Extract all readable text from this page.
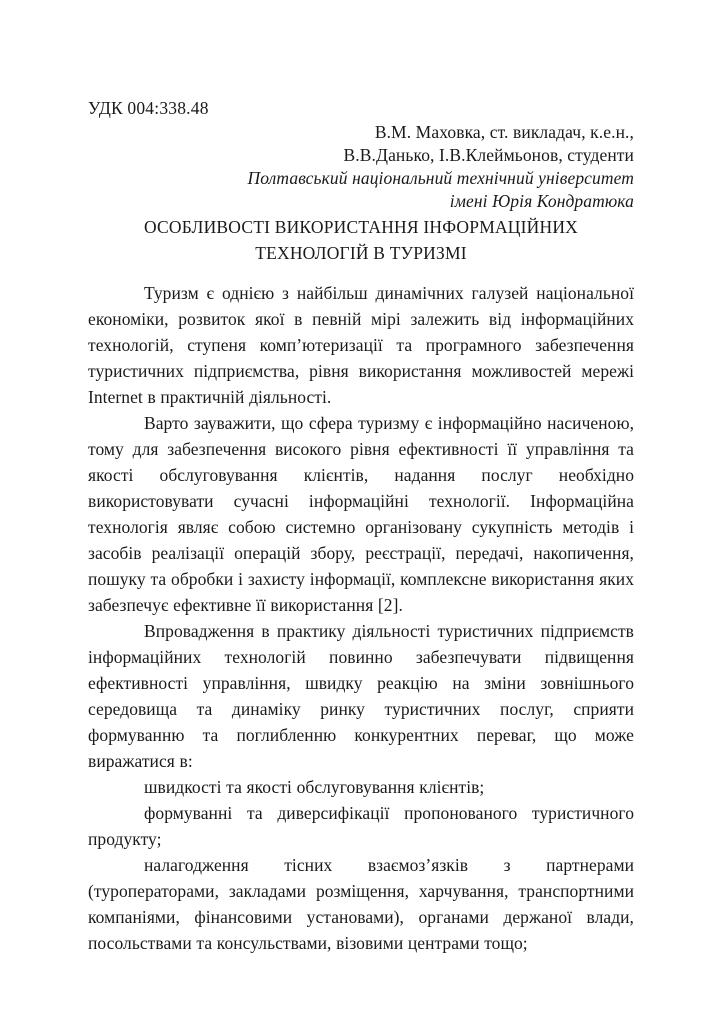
УДК 004:338.48
В.М. Маховка, ст. викладач, к.е.н.,
В.В.Данько, І.В.Клеймьонов, студенти
Полтавський національний технічний університет
імені Юрія Кондратюка
ОСОБЛИВОСТІ ВИКОРИСТАННЯ ІНФОРМАЦІЙНИХ
ТЕХНОЛОГІЙ В ТУРИЗМІ

Туризм є однією з найбільш динамічних галузей національної економіки, розвиток якої в певній мірі залежить від інформаційних технологій, ступеня комп’ютеризації та програмного забезпечення туристичних підприємства, рівня використання можливостей мережі Internet в практичній діяльності.

Варто зауважити, що сфера туризму є інформаційно насиченою, тому для забезпечення високого рівня ефективності її управління та якості обслуговування клієнтів, надання послуг необхідно використовувати сучасні інформаційні технології. Інформаційна технологія являє собою системно організовану сукупність методів і засобів реалізації операцій збору, реєстрації, передачі, накопичення, пошуку та обробки і захисту інформації, комплексне використання яких забезпечує ефективне її використання [2].

Впровадження в практику діяльності туристичних підприємств інформаційних технологій повинно забезпечувати підвищення ефективності управління, швидку реакцію на зміни зовнішнього середовища та динаміку ринку туристичних послуг, сприяти формуванню та поглибленню конкурентних переваг, що може виражатися в:

швидкості та якості обслуговування клієнтів;

формуванні та диверсифікації пропонованого туристичного продукту;

налагодження тісних взаємоз’язків з партнерами (туроператорами, закладами розміщення, харчування, транспортними компаніями, фінансовими установами), органами держаної влади, посольствами та консульствами, візовими центрами тощо;
